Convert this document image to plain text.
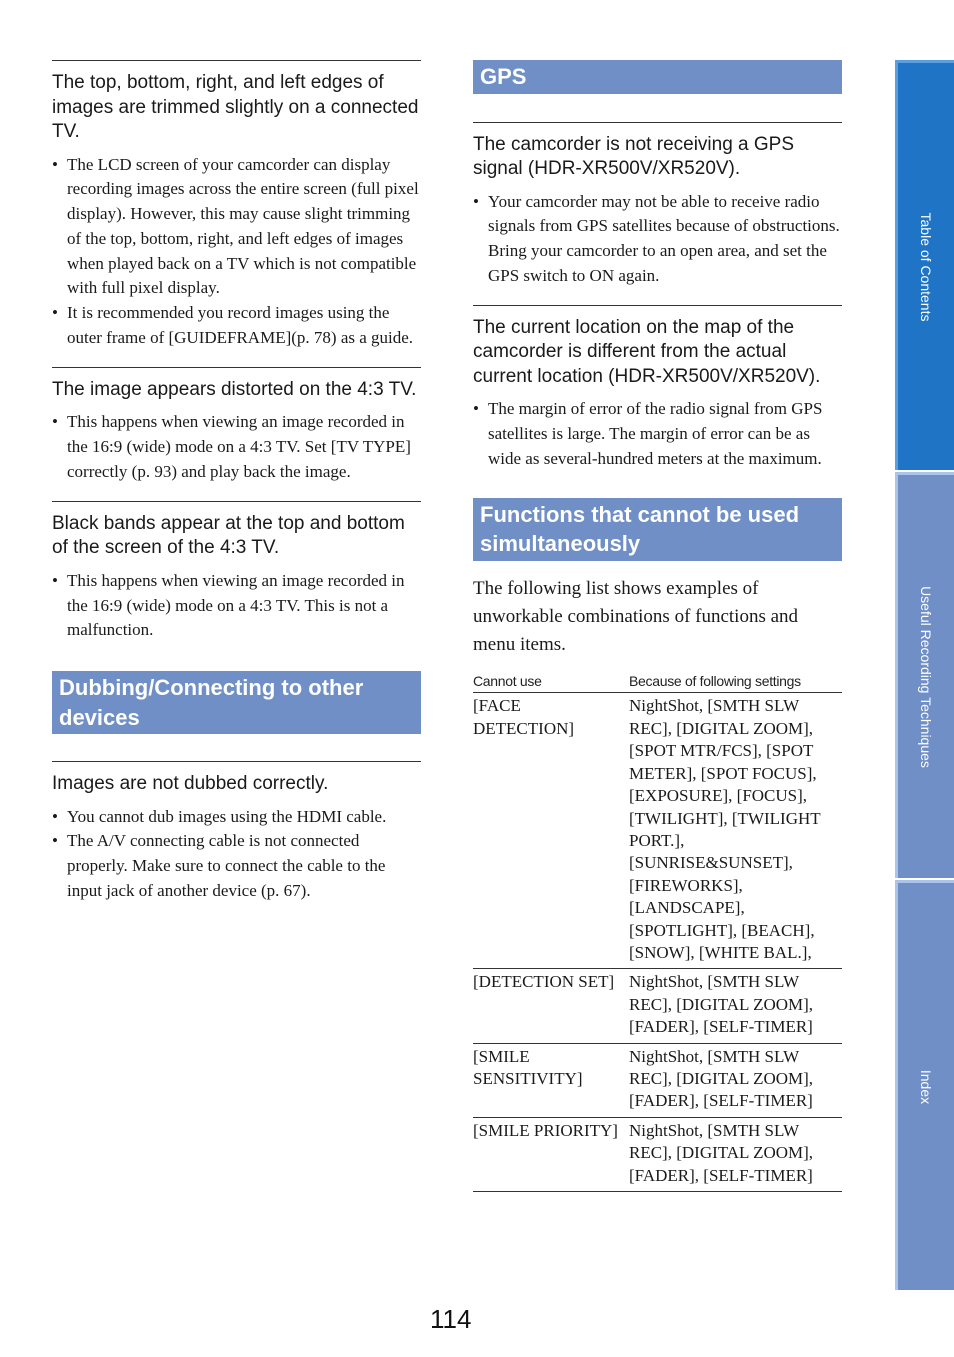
The top, bottom, right, and left edges of images are trimmed slightly on a connected TV.

• The LCD screen of your camcorder can display recording images across the entire screen (full pixel display). However, this may cause slight trimming of the top, bottom, right, and left edges of images when played back on a TV which is not compatible with full pixel display.
• It is recommended you record images using the outer frame of [GUIDEFRAME](p. 78) as a guide.

The image appears distorted on the 4:3 TV.

• This happens when viewing an image recorded in the 16:9 (wide) mode on a 4:3 TV. Set [TV TYPE] correctly (p. 93) and play back the image.

Black bands appear at the top and bottom of the screen of the 4:3 TV.

• This happens when viewing an image recorded in the 16:9 (wide) mode on a 4:3 TV. This is not a malfunction.
Dubbing/Connecting to other devices

Images are not dubbed correctly.

• You cannot dub images using the HDMI cable.
• The A/V connecting cable is not connected properly. Make sure to connect the cable to the input jack of another device (p. 67).
GPS

The camcorder is not receiving a GPS signal (HDR-XR500V/XR520V).

• Your camcorder may not be able to receive radio signals from GPS satellites because of obstructions. Bring your camcorder to an open area, and set the GPS switch to ON again.

The current location on the map of the camcorder is different from the actual current location (HDR-XR500V/XR520V).

• The margin of error of the radio signal from GPS satellites is large. The margin of error can be as wide as several-hundred meters at the maximum.
Functions that cannot be used simultaneously

The following list shows examples of unworkable combinations of functions and menu items.

Cannot use	Because of following settings
[FACE DETECTION]	NightShot, [SMTH SLW REC], [DIGITAL ZOOM], [SPOT MTR/FCS], [SPOT METER], [SPOT FOCUS], [EXPOSURE], [FOCUS], [TWILIGHT], [TWILIGHT PORT.], [SUNRISE&SUNSET], [FIREWORKS], [LANDSCAPE], [SPOTLIGHT], [BEACH], [SNOW], [WHITE BAL.],
[DETECTION SET]	NightShot, [SMTH SLW REC], [DIGITAL ZOOM], [FADER], [SELF-TIMER]
[SMILE SENSITIVITY]	NightShot, [SMTH SLW REC], [DIGITAL ZOOM], [FADER], [SELF-TIMER]
[SMILE PRIORITY]	NightShot, [SMTH SLW REC], [DIGITAL ZOOM], [FADER], [SELF-TIMER]
Table of Contents
Useful Recording Techniques
Index
114
